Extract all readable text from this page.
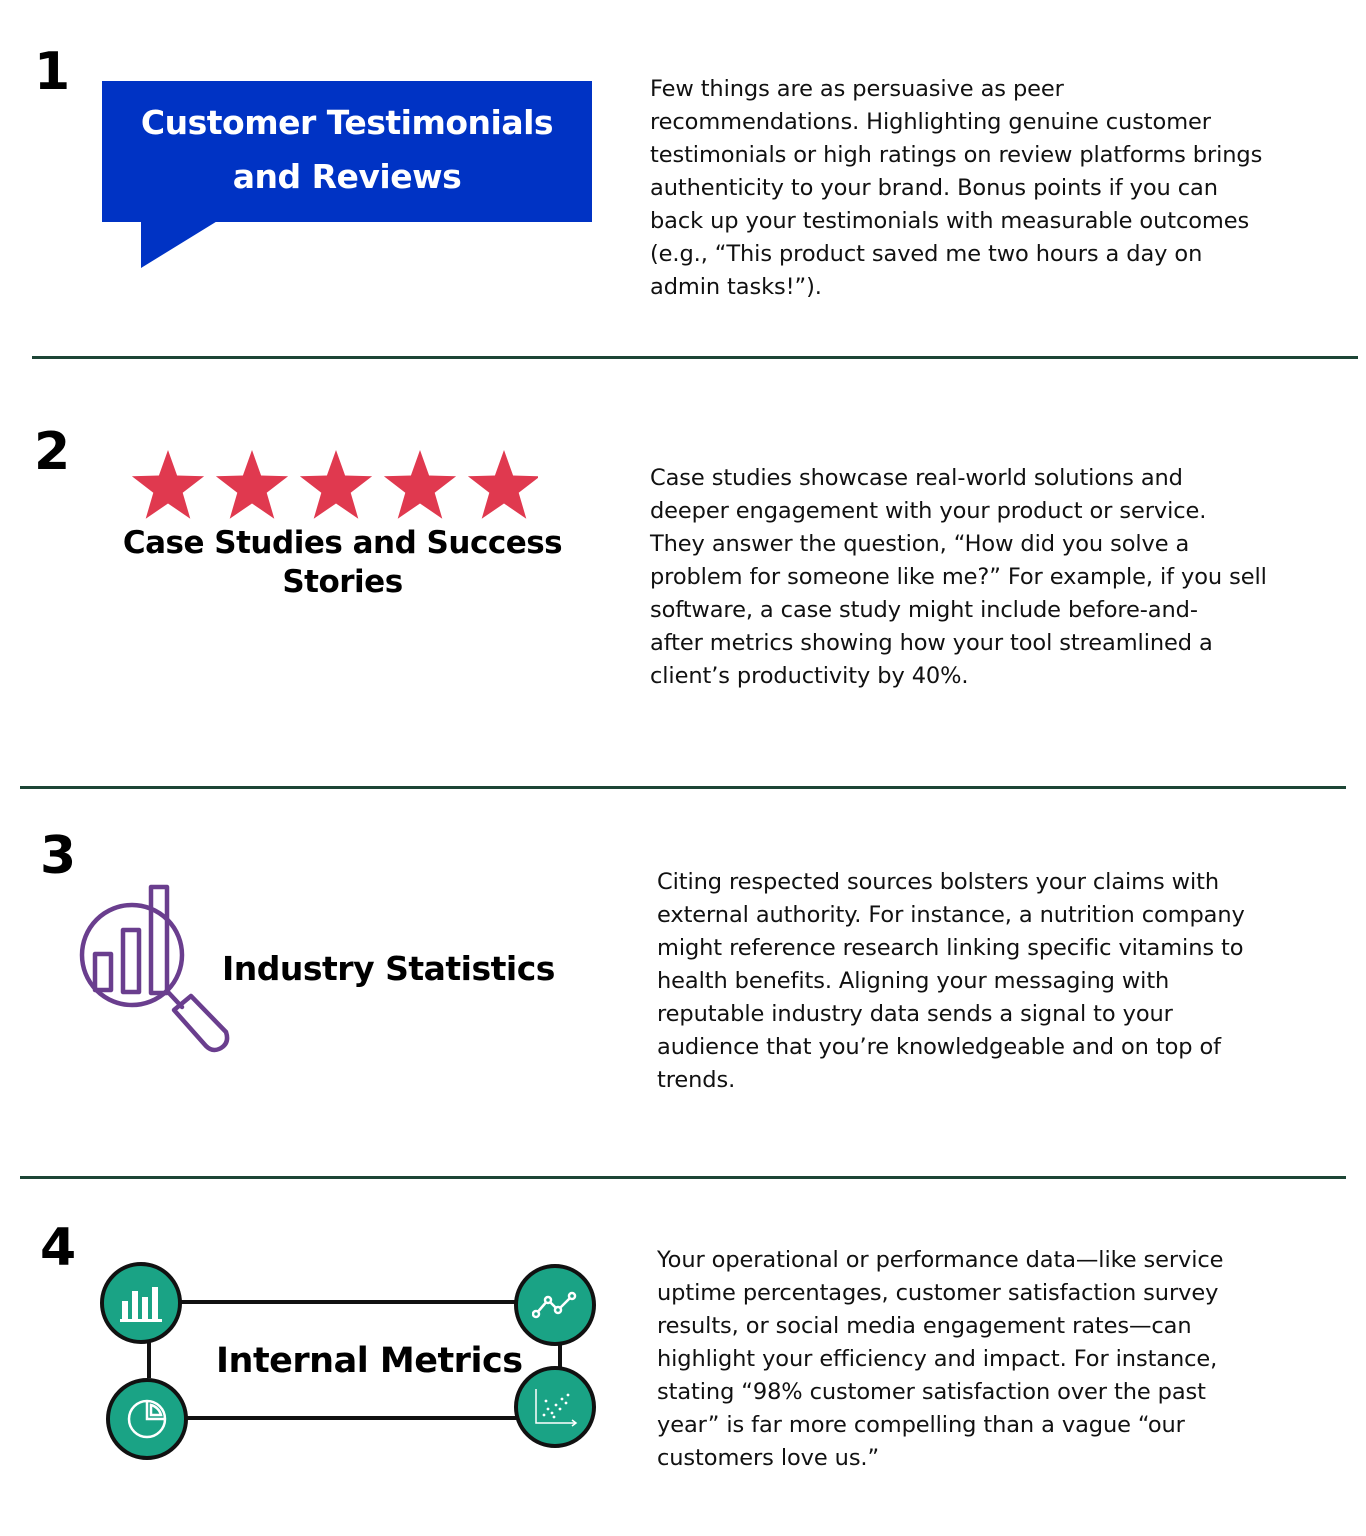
1
Customer Testimonials
and Reviews
Few things are as persuasive as peer
recommendations. Highlighting genuine customer
testimonials or high ratings on review platforms brings
authenticity to your brand. Bonus points if you can
back up your testimonials with measurable outcomes
(e.g., “This product saved me two hours a day on
admin tasks!”).
2
Case Studies and Success
Stories
Case studies showcase real-world solutions and
deeper engagement with your product or service.
They answer the question, “How did you solve a
problem for someone like me?” For example, if you sell
software, a case study might include before-and-
after metrics showing how your tool streamlined a
client’s productivity by 40%.
3
Industry Statistics
Citing respected sources bolsters your claims with
external authority. For instance, a nutrition company
might reference research linking specific vitamins to
health benefits. Aligning your messaging with
reputable industry data sends a signal to your
audience that you’re knowledgeable and on top of
trends.
4
Internal Metrics
Your operational or performance data—like service
uptime percentages, customer satisfaction survey
results, or social media engagement rates—can
highlight your efficiency and impact. For instance,
stating “98% customer satisfaction over the past
year” is far more compelling than a vague “our
customers love us.”
